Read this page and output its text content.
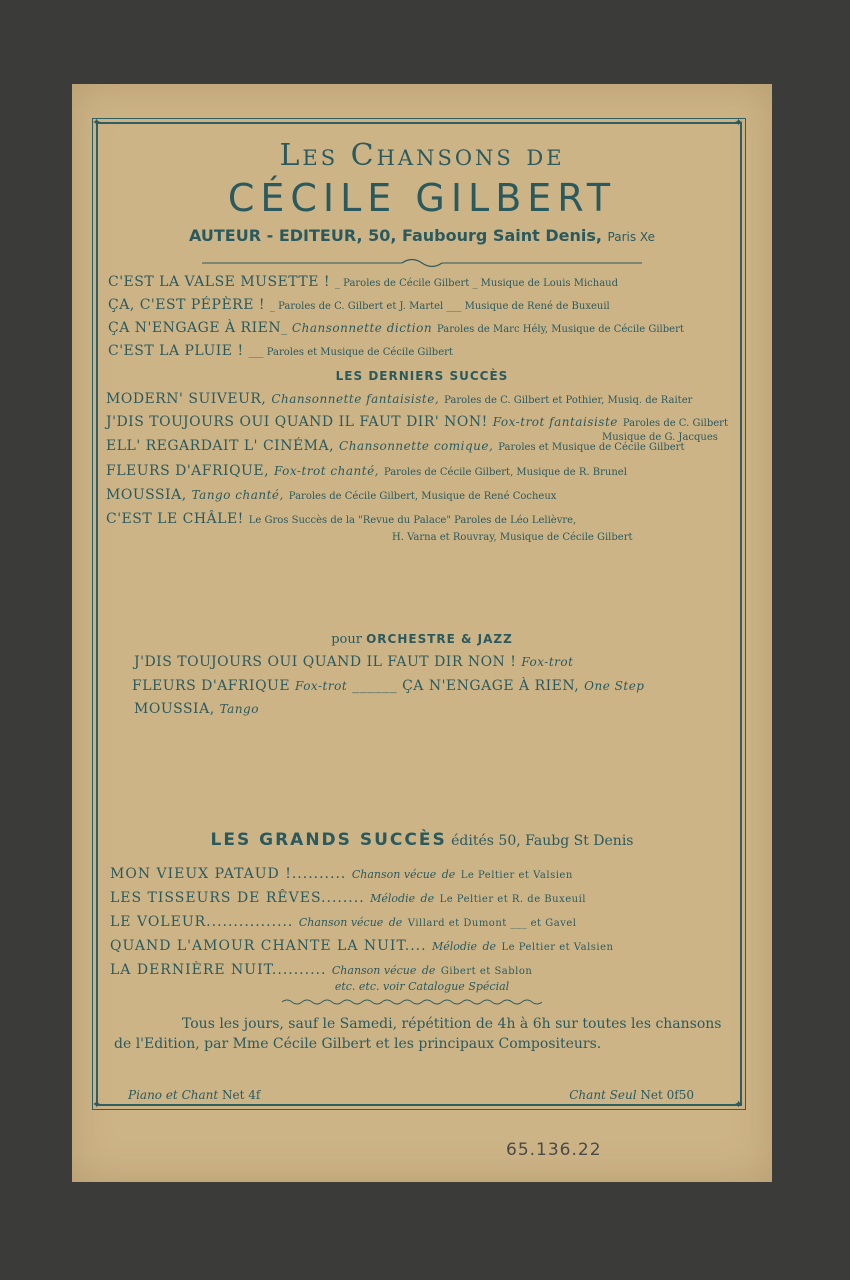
✦	✦
✦	✦
Les Chansons de
CÉCILE GILBERT
AUTEUR - EDITEUR, 50, Faubourg Saint Denis, Paris Xe
C'EST LA VALSE MUSETTE ! _ Paroles de Cécile Gilbert _ Musique de Louis Michaud
ÇA, C'EST PÉPÈRE ! _ Paroles de C. Gilbert et J. Martel ___ Musique de René de Buxeuil
ÇA N'ENGAGE À RIEN_ Chansonnette diction Paroles de Marc Hély, Musique de Cécile Gilbert
C'EST LA PLUIE ! ___ Paroles et Musique de Cécile Gilbert
LES DERNIERS SUCCÈS
MODERN' SUIVEUR, Chansonnette fantaisiste, Paroles de C. Gilbert et Pothier, Musiq. de Raiter
J'DIS TOUJOURS OUI QUAND IL FAUT DIR' NON! Fox-trot fantaisiste Paroles de C. Gilbert
Musique de G. Jacques
ELL' REGARDAIT L' CINÉMA, Chansonnette comique, Paroles et Musique de Cécile Gilbert
FLEURS D'AFRIQUE, Fox-trot chanté, Paroles de Cécile Gilbert, Musique de R. Brunel
MOUSSIA, Tango chanté, Paroles de Cécile Gilbert, Musique de René Cocheux
C'EST LE CHÂLE! Le Gros Succès de la "Revue du Palace" Paroles de Léo Lelièvre,
H. Varna et Rouvray, Musique de Cécile Gilbert
pour ORCHESTRE & JAZZ
J'DIS TOUJOURS OUI QUAND IL FAUT DIR NON ! Fox-trot
FLEURS D'AFRIQUE Fox-trot ______ ÇA N'ENGAGE À RIEN, One Step
MOUSSIA, Tango
LES GRANDS SUCCÈS édités 50, Faubg St Denis
MON VIEUX PATAUD !.......... Chanson vécue de Le Peltier et Valsien
LES TISSEURS DE RÊVES........ Mélodie de Le Peltier et R. de Buxeuil
LE VOLEUR................ Chanson vécue de Villard et Dumont ___ et Gavel
QUAND L'AMOUR CHANTE LA NUIT.... Mélodie de Le Peltier et Valsien
LA DERNIÈRE NUIT.......... Chanson vécue de Gibert et Sablon
etc. etc. voir Catalogue Spécial
Tous les jours, sauf le Samedi, répétition de 4h à 6h sur toutes les chansons de l'Edition, par Mme Cécile Gilbert et les principaux Compositeurs.
Piano et Chant Net 4f	Chant Seul Net 0f50
65.136.22
